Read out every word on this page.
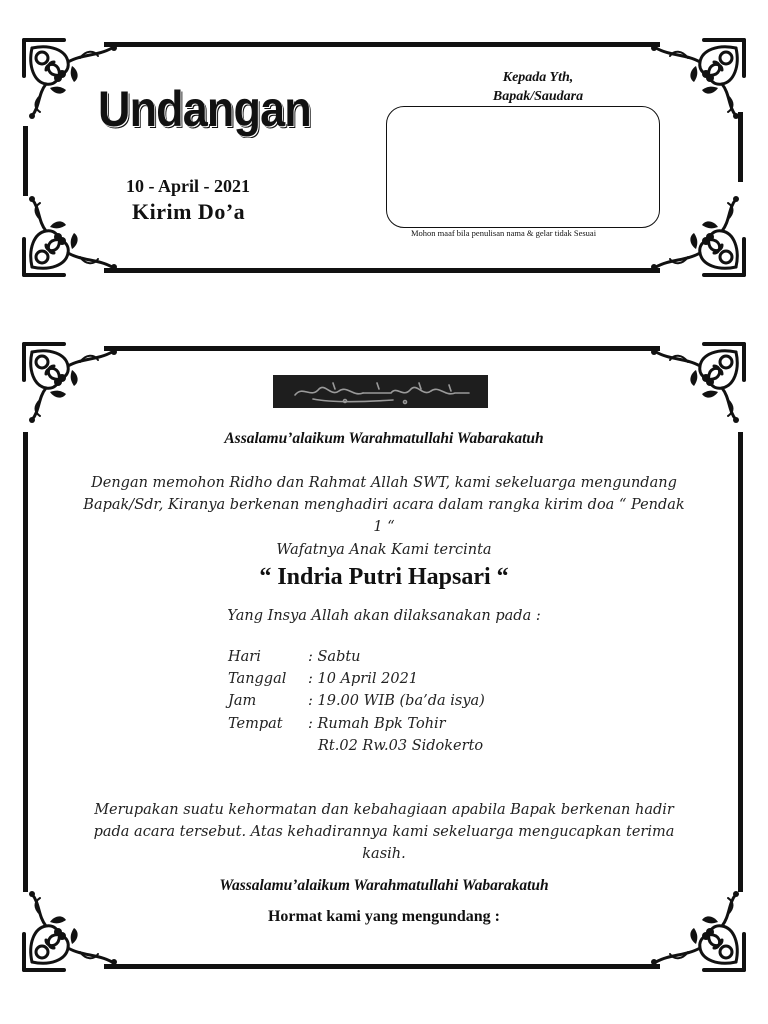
Undangan
10 - April - 2021
Kirim Do’a
Kepada Yth,
Bapak/Saudara
Mohon maaf bila penulisan nama & gelar tidak Sesuai
Assalamu’alaikum Warahmatullahi Wabarakatuh
Dengan memohon Ridho dan Rahmat Allah SWT, kami sekeluarga mengundang
Bapak/Sdr, Kiranya berkenan menghadiri acara dalam rangka kirim doa “ Pendak
1 “
Wafatnya Anak Kami tercinta
“ Indria Putri Hapsari “
Yang Insya Allah akan dilaksanakan pada :
Hari	: Sabtu
Tanggal : 10 April 2021
Jam	: 19.00 WIB (ba’da isya)
Tempat : Rumah Bpk Tohir
Rt.02 Rw.03 Sidokerto
Merupakan suatu kehormatan dan kebahagiaan apabila Bapak berkenan hadir
pada acara tersebut. Atas kehadirannya kami sekeluarga mengucapkan terima
kasih.
Wassalamu’alaikum Warahmatullahi Wabarakatuh
Hormat kami yang mengundang :
